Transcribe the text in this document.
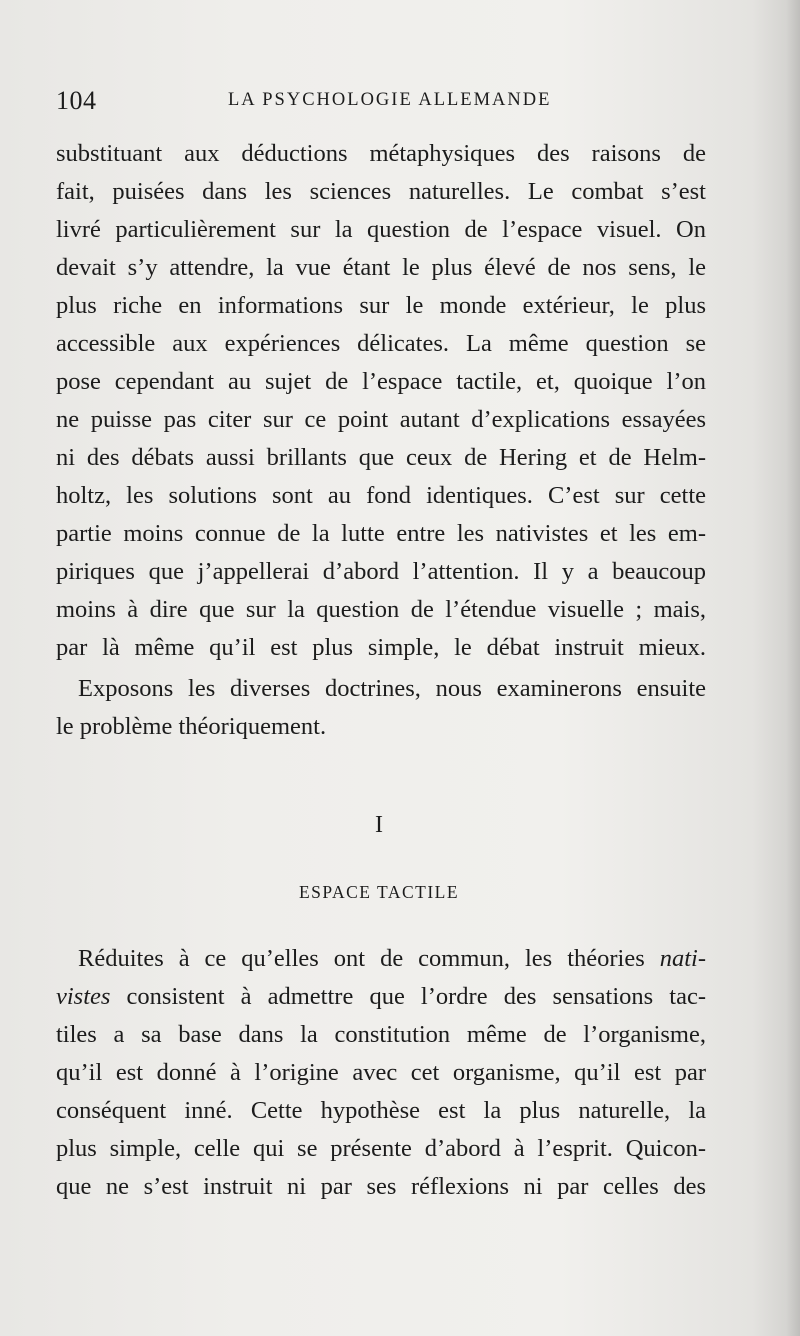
104	LA PSYCHOLOGIE ALLEMANDE
substituant aux déductions métaphysiques des raisons de
fait, puisées dans les sciences naturelles. Le combat s’est
livré particulièrement sur la question de l’espace visuel. On
devait s’y attendre, la vue étant le plus élevé de nos sens, le
plus riche en informations sur le monde extérieur, le plus
accessible aux expériences délicates. La même question se
pose cependant au sujet de l’espace tactile, et, quoique l’on
ne puisse pas citer sur ce point autant d’explications essayées
ni des débats aussi brillants que ceux de Hering et de Helm-
holtz, les solutions sont au fond identiques. C’est sur cette
partie moins connue de la lutte entre les nativistes et les em-
piriques que j’appellerai d’abord l’attention. Il y a beaucoup
moins à dire que sur la question de l’étendue visuelle ; mais,
par là même qu’il est plus simple, le débat instruit mieux.
Exposons les diverses doctrines, nous examinerons ensuite
le problème théoriquement.
I
ESPACE TACTILE
Réduites à ce qu’elles ont de commun, les théories nati-
vistes consistent à admettre que l’ordre des sensations tac-
tiles a sa base dans la constitution même de l’organisme,
qu’il est donné à l’origine avec cet organisme, qu’il est par
conséquent inné. Cette hypothèse est la plus naturelle, la
plus simple, celle qui se présente d’abord à l’esprit. Quicon-
que ne s’est instruit ni par ses réflexions ni par celles des
